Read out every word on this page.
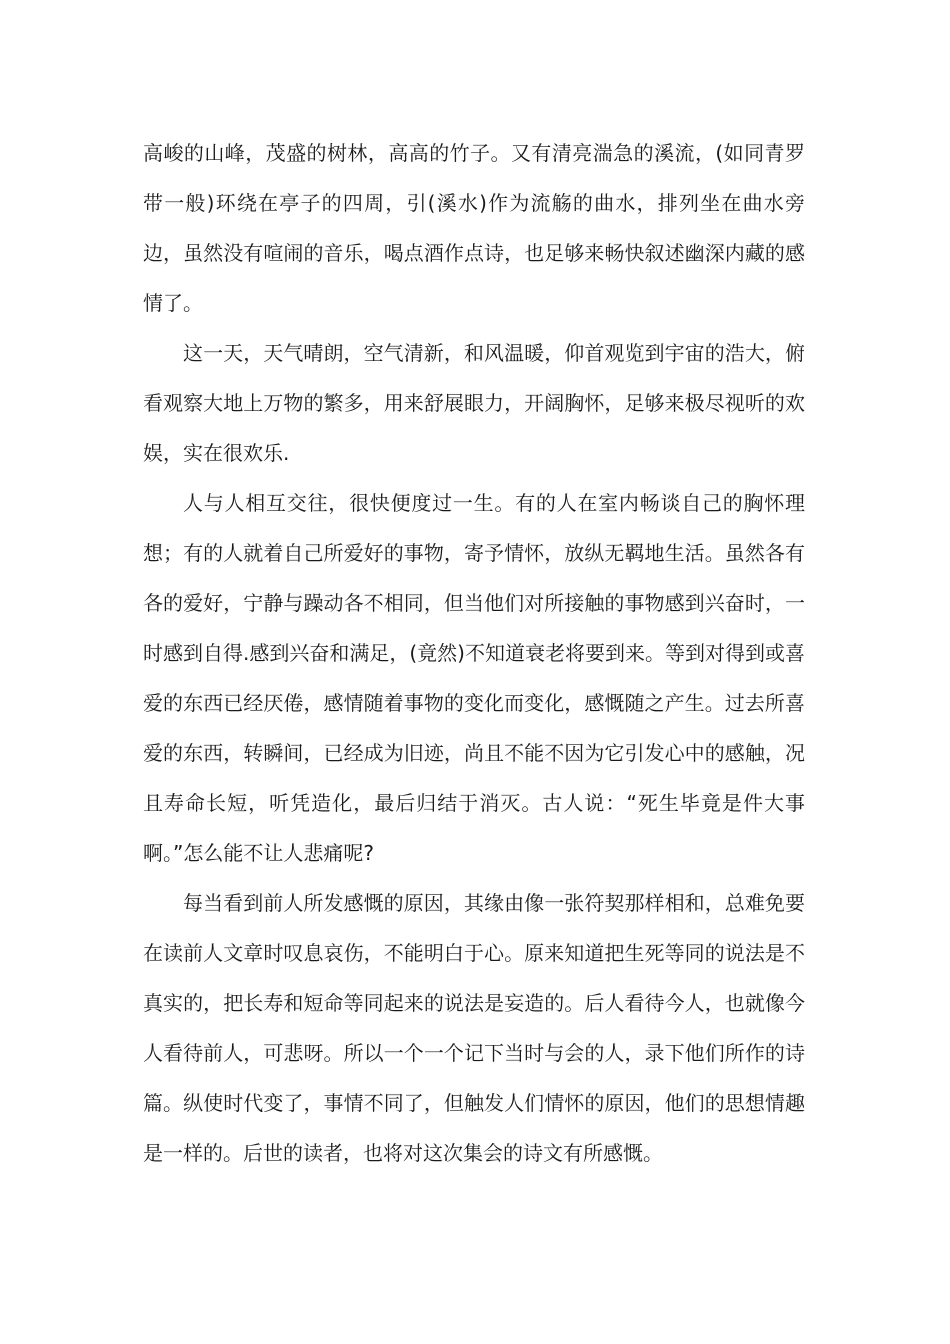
高峻的山峰，茂盛的树林，高高的竹子。又有清亮湍急的溪流，(如同青罗带一般)环绕在亭子的四周，引(溪水)作为流觞的曲水，排列坐在曲水旁边，虽然没有喧闹的音乐，喝点酒作点诗，也足够来畅快叙述幽深内藏的感情了。

这一天，天气晴朗，空气清新，和风温暖，仰首观览到宇宙的浩大，俯看观察大地上万物的繁多，用来舒展眼力，开阔胸怀，足够来极尽视听的欢娱，实在很欢乐.

人与人相互交往，很快便度过一生。有的人在室内畅谈自己的胸怀理想；有的人就着自己所爱好的事物，寄予情怀，放纵无羁地生活。虽然各有各的爱好，宁静与躁动各不相同，但当他们对所接触的事物感到兴奋时，一时感到自得.感到兴奋和满足，(竟然)不知道衰老将要到来。等到对得到或喜爱的东西已经厌倦，感情随着事物的变化而变化，感慨随之产生。过去所喜爱的东西，转瞬间，已经成为旧迹，尚且不能不因为它引发心中的感触，况且寿命长短，听凭造化，最后归结于消灭。古人说：“死生毕竟是件大事啊。”怎么能不让人悲痛呢?

每当看到前人所发感慨的原因，其缘由像一张符契那样相和，总难免要在读前人文章时叹息哀伤，不能明白于心。原来知道把生死等同的说法是不真实的，把长寿和短命等同起来的说法是妄造的。后人看待今人，也就像今人看待前人，可悲呀。所以一个一个记下当时与会的人，录下他们所作的诗篇。纵使时代变了，事情不同了，但触发人们情怀的原因，他们的思想情趣是一样的。后世的读者，也将对这次集会的诗文有所感慨。
